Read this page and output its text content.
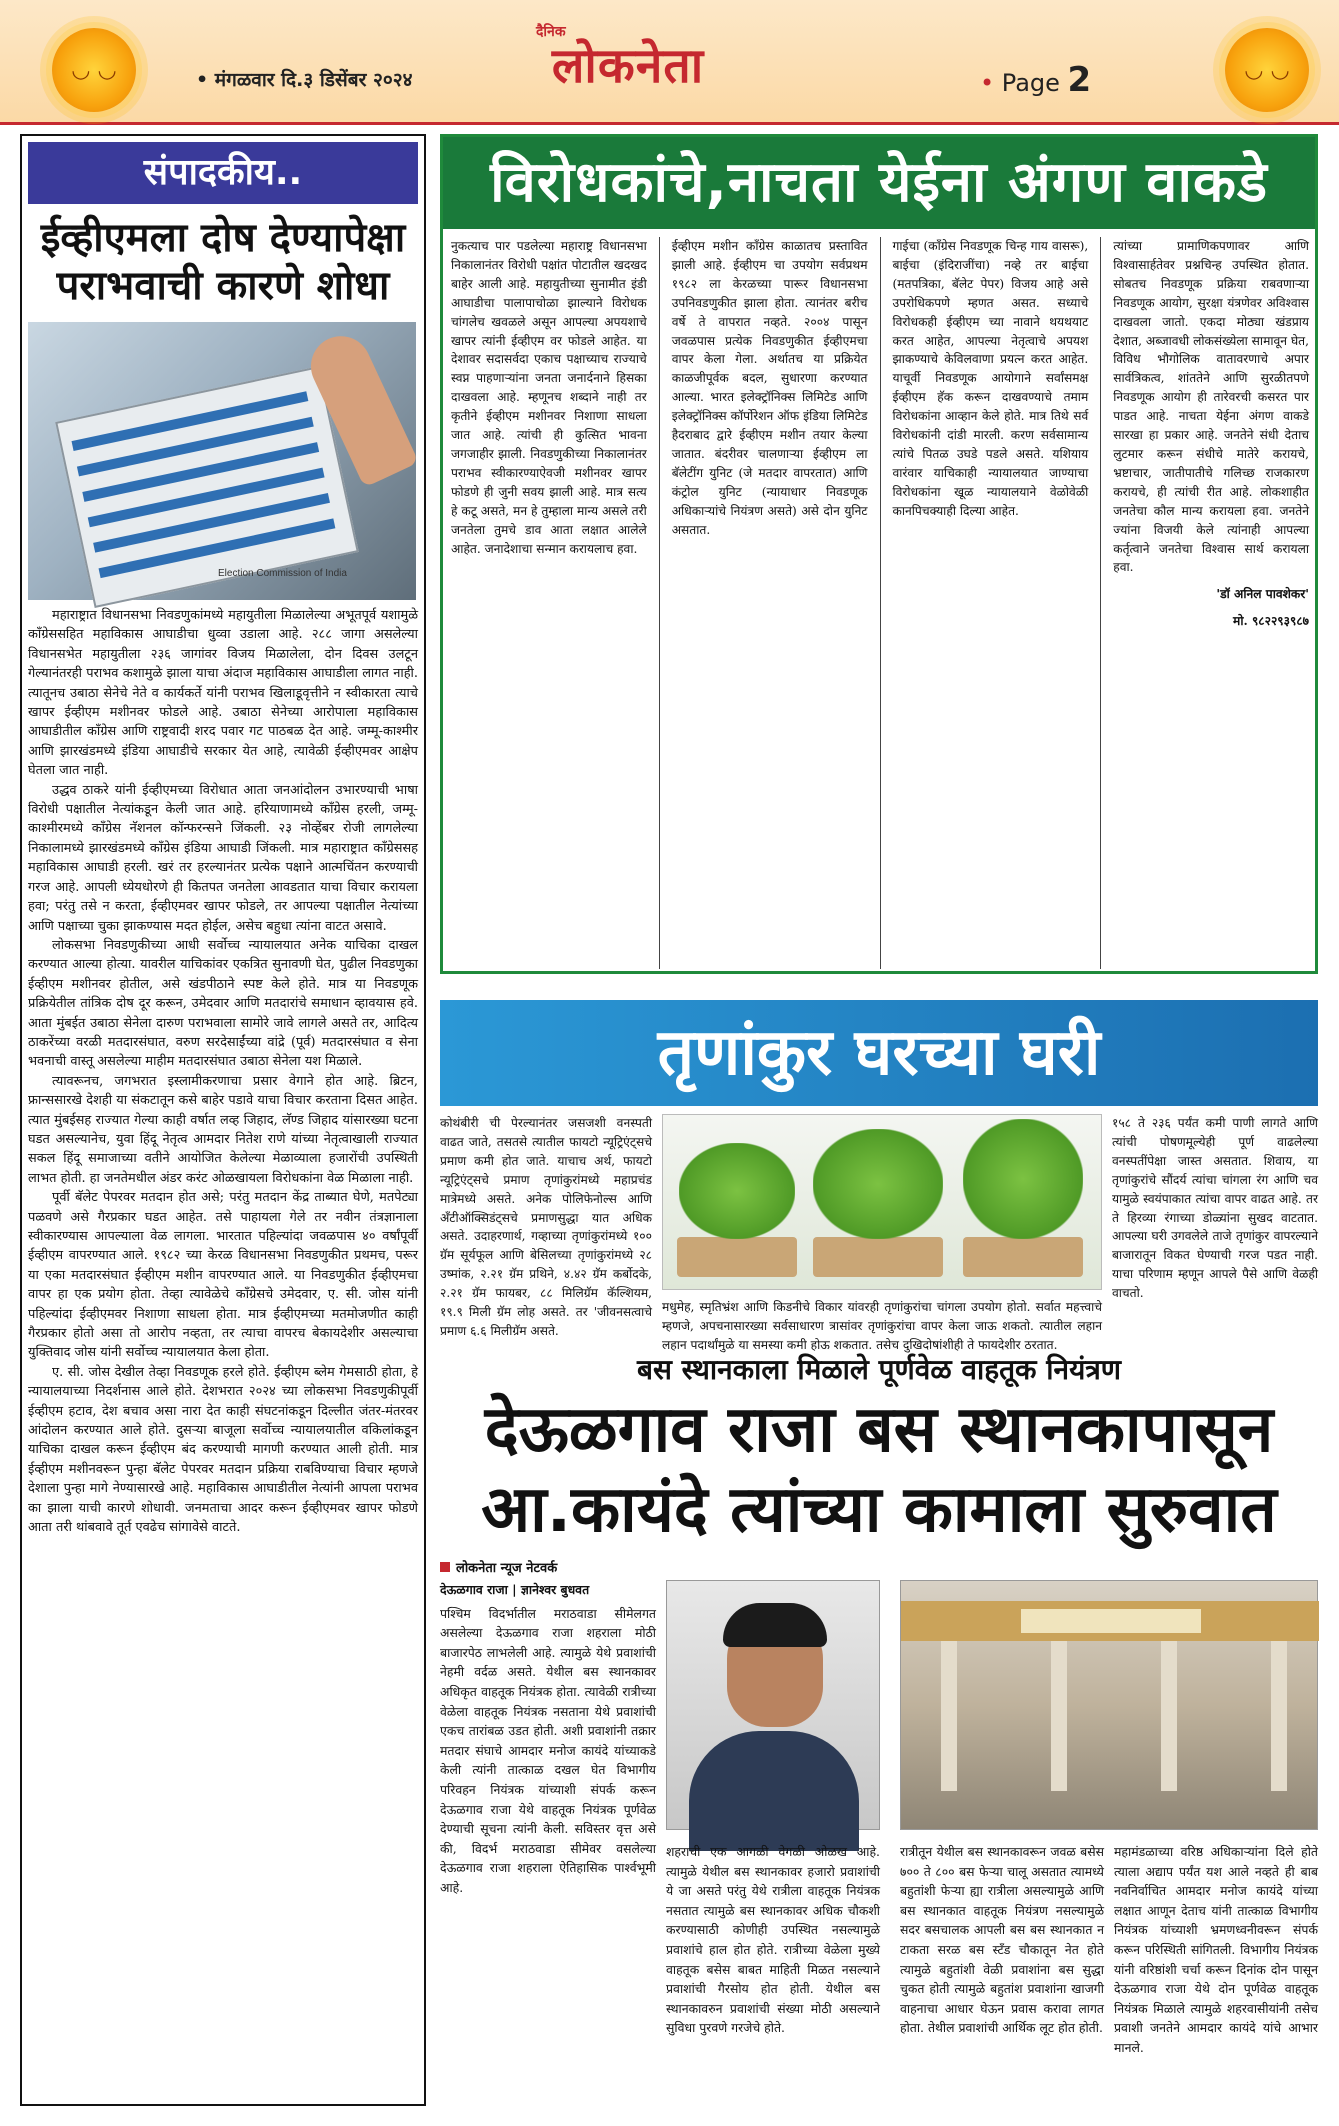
◡ ◡	• मंगळवार दि.३ डिसेंबर २०२४
दैनिक
लोकनेता	• Page 2	◡ ◡
संपादकीय..
ईव्हीएमला दोष देण्यापेक्षा पराभवाची कारणे शोधा
Election Commission of India

महाराष्ट्रात विधानसभा निवडणुकांमध्ये महायुतीला मिळालेल्या अभूतपूर्व यशामुळे काँग्रेससहित महाविकास आघाडीचा धुव्वा उडाला आहे. २८८ जागा असलेल्या विधानसभेत महायुतीला २३६ जागांवर विजय मिळालेला, दोन दिवस उलटून गेल्यानंतरही पराभव कशामुळे झाला याचा अंदाज महाविकास आघाडीला लागत नाही. त्यातूनच उबाठा सेनेचे नेते व कार्यकर्ते यांनी पराभव खिलाडूवृत्तीने न स्वीकारता त्याचे खापर ईव्हीएम मशीनवर फोडले आहे. उबाठा सेनेच्या आरोपाला महाविकास आघाडीतील काँग्रेस आणि राष्ट्रवादी शरद पवार गट पाठबळ देत आहे. जम्मू-काश्मीर आणि झारखंडमध्ये इंडिया आघाडीचे सरकार येत आहे, त्यावेळी ईव्हीएमवर आक्षेप घेतला जात नाही.

उद्धव ठाकरे यांनी ईव्हीएमच्या विरोधात आता जनआंदोलन उभारण्याची भाषा विरोधी पक्षातील नेत्यांकडून केली जात आहे. हरियाणामध्ये काँग्रेस हरली, जम्मू-काश्मीरमध्ये काँग्रेस नॅशनल कॉन्फरन्सने जिंकली. २३ नोव्हेंबर रोजी लागलेल्या निकालामध्ये झारखंडमध्ये काँग्रेस इंडिया आघाडी जिंकली. मात्र महाराष्ट्रात काँग्रेससह महाविकास आघाडी हरली. खरं तर हरल्यानंतर प्रत्येक पक्षाने आत्मचिंतन करण्याची गरज आहे. आपली ध्येयधोरणे ही कितपत जनतेला आवडतात याचा विचार करायला हवा; परंतु तसे न करता, ईव्हीएमवर खापर फोडले, तर आपल्या पक्षातील नेत्यांच्या आणि पक्षाच्या चुका झाकण्यास मदत होईल, असेच बहुधा त्यांना वाटत असावे.

लोकसभा निवडणुकीच्या आधी सर्वोच्च न्यायालयात अनेक याचिका दाखल करण्यात आल्या होत्या. यावरील याचिकांवर एकत्रित सुनावणी घेत, पुढील निवडणुका ईव्हीएम मशीनवर होतील, असे खंडपीठाने स्पष्ट केले होते. मात्र या निवडणूक प्रक्रियेतील तांत्रिक दोष दूर करून, उमेदवार आणि मतदारांचे समाधान व्हावयास हवे. आता मुंबईत उबाठा सेनेला दारुण पराभवाला सामोरे जावे लागले असते तर, आदित्य ठाकरेंच्या वरळी मतदारसंघात, वरुण सरदेसाईंच्या वांद्रे (पूर्व) मतदारसंघात व सेना भवनाची वास्तू असलेल्या माहीम मतदारसंघात उबाठा सेनेला यश मिळाले.

त्यावरूनच, जगभरात इस्लामीकरणाचा प्रसार वेगाने होत आहे. ब्रिटन, फ्रान्ससारखे देशही या संकटातून कसे बाहेर पडावे याचा विचार करताना दिसत आहेत. त्यात मुंबईसह राज्यात गेल्या काही वर्षात लव्ह जिहाद, लॅण्ड जिहाद यांसारख्या घटना घडत असल्यानेच, युवा हिंदू नेतृत्व आमदार नितेश राणे यांच्या नेतृत्वाखाली राज्यात सकल हिंदू समाजाच्या वतीने आयोजित केलेल्या मेळाव्याला हजारोंची उपस्थिती लाभत होती. हा जनतेमधील अंडर करंट ओळखायला विरोधकांना वेळ मिळाला नाही.

पूर्वी बॅलेट पेपरवर मतदान होत असे; परंतु मतदान केंद्र ताब्यात घेणे, मतपेट्या पळवणे असे गैरप्रकार घडत आहेत. तसे पाहायला गेले तर नवीन तंत्रज्ञानाला स्वीकारण्यास आपल्याला वेळ लागला. भारतात पहिल्यांदा जवळपास ४० वर्षांपूर्वी ईव्हीएम वापरण्यात आले. १९८२ च्या केरळ विधानसभा निवडणुकीत प्रथमच, परूर या एका मतदारसंघात ईव्हीएम मशीन वापरण्यात आले. या निवडणुकीत ईव्हीएमचा वापर हा एक प्रयोग होता. तेव्हा त्यावेळेचे काँग्रेसचे उमेदवार, ए. सी. जोस यांनी पहिल्यांदा ईव्हीएमवर निशाणा साधला होता. मात्र ईव्हीएमच्या मतमोजणीत काही गैरप्रकार होतो असा तो आरोप नव्हता, तर त्याचा वापरच बेकायदेशीर असल्याचा युक्तिवाद जोस यांनी सर्वोच्च न्यायालयात केला होता.

ए. सी. जोस देखील तेव्हा निवडणूक हरले होते. ईव्हीएम ब्लेम गेमसाठी होता, हे न्यायालयाच्या निदर्शनास आले होते. देशभरात २०२४ च्या लोकसभा निवडणुकीपूर्वी ईव्हीएम हटाव, देश बचाव असा नारा देत काही संघटनांकडून दिल्लीत जंतर-मंतरवर आंदोलन करण्यात आले होते. दुसऱ्या बाजूला सर्वोच्च न्यायालयातील वकिलांकडून याचिका दाखल करून ईव्हीएम बंद करण्याची मागणी करण्यात आली होती. मात्र ईव्हीएम मशीनवरून पुन्हा बॅलेट पेपरवर मतदान प्रक्रिया राबविण्याचा विचार म्हणजे देशाला पुन्हा मागे नेण्यासारखे आहे. महाविकास आघाडीतील नेत्यांनी आपला पराभव का झाला याची कारणे शोधावी. जनमताचा आदर करून ईव्हीएमवर खापर फोडणे आता तरी थांबवावे तूर्त एवढेच सांगावेसे वाटते.

विरोधकांचे,नाचता येईना अंगण वाकडे
नुकत्याच पार पडलेल्या महाराष्ट्र विधानसभा निकालानंतर विरोधी पक्षांत पोटातील खदखद बाहेर आली आहे. महायुतीच्या सुनामीत इंडी आघाडीचा पालापाचोळा झाल्याने विरोधक चांगलेच खवळले असून आपल्या अपयशाचे खापर त्यांनी ईव्हीएम वर फोडले आहेत. या देशावर सदासर्वदा एकाच पक्षाच्याच राज्याचे स्वप्न पाहणाऱ्यांना जनता जनार्दनाने हिसका दाखवला आहे. म्हणूनच शब्दाने नाही तर कृतीने ईव्हीएम मशीनवर निशाणा साधला जात आहे. त्यांची ही कुत्सित भावना जगजाहीर झाली. निवडणुकीच्या निकालानंतर पराभव स्वीकारण्याऐवजी मशीनवर खापर फोडणे ही जुनी सवय झाली आहे. मात्र सत्य हे कटू असते, मन हे तुम्हाला मान्य असले तरी जनतेला तुमचे डाव आता लक्षात आलेले आहेत. जनादेशाचा सन्मान करायलाच हवा.
ईव्हीएम मशीन काँग्रेस काळातच प्रस्तावित झाली आहे. ईव्हीएम चा उपयोग सर्वप्रथम १९८२ ला केरळच्या पारूर विधानसभा उपनिवडणुकीत झाला होता. त्यानंतर बरीच वर्षे ते वापरात नव्हते. २००४ पासून जवळपास प्रत्येक निवडणुकीत ईव्हीएमचा वापर केला गेला. अर्थातच या प्रक्रियेत काळजीपूर्वक बदल, सुधारणा करण्यात आल्या. भारत इलेक्ट्रॉनिक्स लिमिटेड आणि इलेक्ट्रॉनिक्स कॉर्पोरेशन ऑफ इंडिया लिमिटेड हैदराबाद द्वारे ईव्हीएम मशीन तयार केल्या जातात. बंदरीवर चालणाऱ्या ईव्हीएम ला बॅलेटींग युनिट (जे मतदार वापरतात) आणि कंट्रोल युनिट (न्यायाधार निवडणूक अधिकाऱ्यांचे नियंत्रण असते) असे दोन युनिट असतात.
गाईचा (काँग्रेस निवडणूक चिन्ह गाय वासरू), बाईचा (इंदिराजींचा) नव्हे तर बाईचा (मतपत्रिका, बॅलेट पेपर) विजय आहे असे उपरोधिकपणे म्हणत असत. सध्याचे विरोधकही ईव्हीएम च्या नावाने थयथयाट करत आहेत, आपल्या नेतृत्वाचे अपयश झाकण्याचे केविलवाणा प्रयत्न करत आहेत. याचूर्वी निवडणूक आयोगाने सर्वांसमक्ष ईव्हीएम हॅक करून दाखवण्याचे तमाम विरोधकांना आव्हान केले होते. मात्र तिथे सर्व विरोधकांनी दांडी मारली. करण सर्वसामान्य त्यांचे पितळ उघडे पडले असते. यशियाय वारंवार याचिकाही न्यायालयात जाण्याचा विरोधकांना खूळ न्यायालयाने वेळोवेळी कानपिचक्याही दिल्या आहेत.
त्यांच्या प्रामाणिकपणावर आणि विश्वासार्हतेवर प्रश्नचिन्ह उपस्थित होतात. सोबतच निवडणूक प्रक्रिया राबवणाऱ्या निवडणूक आयोग, सुरक्षा यंत्रणेवर अविश्वास दाखवला जातो. एकदा मोठ्या खंडप्राय देशात, अब्जावधी लोकसंख्येला सामावून घेत, विविध भौगोलिक वातावरणाचे अपार सार्वत्रिकत्व, शांततेने आणि सुरळीतपणे निवडणूक आयोग ही तारेवरची कसरत पार पाडत आहे. नाचता येईना अंगण वाकडे सारखा हा प्रकार आहे. जनतेने संधी देताच लुटमार करून संधीचे मातेरे करायचे, भ्रष्टाचार, जातीपातीचे गलिच्छ राजकारण करायचे, ही त्यांची रीत आहे. लोकशाहीत जनतेचा कौल मान्य करायला हवा. जनतेने ज्यांना विजयी केले त्यांनाही आपल्या कर्तृत्वाने जनतेचा विश्वास सार्थ करायला हवा.
'डॉ अनिल पावशेकर'
मो. ९८२२९३९८७
तृणांकुर घरच्या घरी
कोथंबीरी ची पेरल्यानंतर जसजशी वनस्पती वाढत जाते, तसतसे त्यातील फायटो न्यूट्रिएंट्सचे प्रमाण कमी होत जाते. याचाच अर्थ, फायटो न्यूट्रिएंट्सचे प्रमाण तृणांकुरांमध्ये महाप्रचंड मात्रेमध्ये असते. अनेक पोलिफेनोल्स आणि अँटीऑक्सिडंट्सचे प्रमाणसुद्धा यात अधिक असते. उदाहरणार्थ, गव्हाच्या तृणांकुरांमध्ये १०० ग्रॅम सूर्यफूल आणि बेसिलच्या तृणांकुरांमध्ये २८ उष्मांक, २.२१ ग्रॅम प्रथिने, ४.४२ ग्रॅम कर्बोदके, २.२१ ग्रॅम फायबर, ८८ मिलिग्रॅम कॅल्शियम, १९.९ मिली ग्रॅम लोह असते. तर 'जीवनसत्वाचे प्रमाण ६.६ मिलीग्रॅम असते.
मधुमेह, स्मृतिभ्रंश आणि किडनीचे विकार यांवरही तृणांकुरांचा चांगला उपयोग होतो. सर्वात महत्त्वाचे म्हणजे, अपचनासारख्या सर्वसाधारण त्रासांवर तृणांकुरांचा वापर केला जाऊ शकतो. त्यातील लहान लहान पदार्थांमुळे या समस्या कमी होऊ शकतात. तसेच दुखिदोषांशीही ते फायदेशीर ठरतात.
१५८ ते २३६ पर्यंत कमी पाणी लागते आणि त्यांची पोषणमूल्येही पूर्ण वाढलेल्या वनस्पतींपेक्षा जास्त असतात. शिवाय, या तृणांकुरांचे सौंदर्य त्यांचा चांगला रंग आणि चव यामुळे स्वयंपाकात त्यांचा वापर वाढत आहे. तर ते हिरव्या रंगाच्या डोळ्यांना सुखद वाटतात. आपल्या घरी उगवलेले ताजे तृणांकुर वापरल्याने बाजारातून विकत घेण्याची गरज पडत नाही. याचा परिणाम म्हणून आपले पैसे आणि वेळही वाचतो.
बस स्थानकाला मिळाले पूर्णवेळ वाहतूक नियंत्रण
देऊळगाव राजा बस स्थानकापासून
आ.कायंदे त्यांच्या कामाला सुरुवात
लोकनेता न्यूज नेटवर्क
देऊळगाव राजा | ज्ञानेश्वर बुधवत
पश्चिम विदर्भातील मराठवाडा सीमेलगत असलेल्या देऊळगाव राजा शहराला मोठी बाजारपेठ लाभलेली आहे. त्यामुळे येथे प्रवाशांची नेहमी वर्दळ असते. येथील बस स्थानकावर अधिकृत वाहतूक नियंत्रक होता. त्यावेळी रात्रीच्या वेळेला वाहतूक नियंत्रक नसताना येथे प्रवाशांची एकच तारांबळ उडत होती. अशी प्रवाशांनी तक्रार मतदार संघाचे आमदार मनोज कायंदे यांच्याकडे केली त्यांनी तात्काळ दखल घेत विभागीय परिवहन नियंत्रक यांच्याशी संपर्क करून देऊळगाव राजा येथे वाहतूक नियंत्रक पूर्णवेळ देण्याची सूचना त्यांनी केली. सविस्तर वृत्त असे की, विदर्भ मराठवाडा सीमेवर वसलेल्या देऊळगाव राजा शहराला ऐतिहासिक पार्श्वभूमी आहे.
शहराची एक आगळी वेगळी ओळख आहे. त्यामुळे येथील बस स्थानकावर हजारो प्रवाशांची ये जा असते परंतु येथे रात्रीला वाहतूक नियंत्रक नसतात त्यामुळे बस स्थानकावर अधिक चौकशी करण्यासाठी कोणीही उपस्थित नसल्यामुळे प्रवाशांचे हाल होत होते. रात्रीच्या वेळेला मुख्ये वाहतूक बसेस बाबत माहिती मिळत नसल्याने प्रवाशांची गैरसोय होत होती. येथील बस स्थानकावरुन प्रवाशांची संख्या मोठी असल्याने सुविधा पुरवणे गरजेचे होते.
रात्रीतून येथील बस स्थानकावरून जवळ बसेस ७०० ते ८०० बस फेऱ्या चालू असतात त्यामध्ये बहुतांशी फेऱ्या ह्या रात्रीला असल्यामुळे आणि बस स्थानकात वाहतूक नियंत्रण नसल्यामुळे सदर बसचालक आपली बस बस स्थानकात न टाकता सरळ बस स्टँड चौकातून नेत होते त्यामुळे बहुतांशी वेळी प्रवाशांना बस सुद्धा चुकत होती त्यामुळे बहुतांश प्रवाशांना खाजगी वाहनाचा आधार घेऊन प्रवास करावा लागत होता. तेथील प्रवाशांची आर्थिक लूट होत होती.
महामंडळाच्या वरिष्ठ अधिकाऱ्यांना दिले होते त्याला अद्याप पर्यंत यश आले नव्हते ही बाब नवनिर्वाचित आमदार मनोज कायंदे यांच्या लक्षात आणून देताच यांनी तात्काळ विभागीय नियंत्रक यांच्याशी भ्रमणध्वनीवरून संपर्क करून परिस्थिती सांगितली. विभागीय नियंत्रक यांनी वरिष्ठांशी चर्चा करून दिनांक दोन पासून देऊळगाव राजा येथे दोन पूर्णवेळ वाहतूक नियंत्रक मिळाले त्यामुळे शहरवासीयांनी तसेच प्रवाशी जनतेने आमदार कायंदे यांचे आभार मानले.
